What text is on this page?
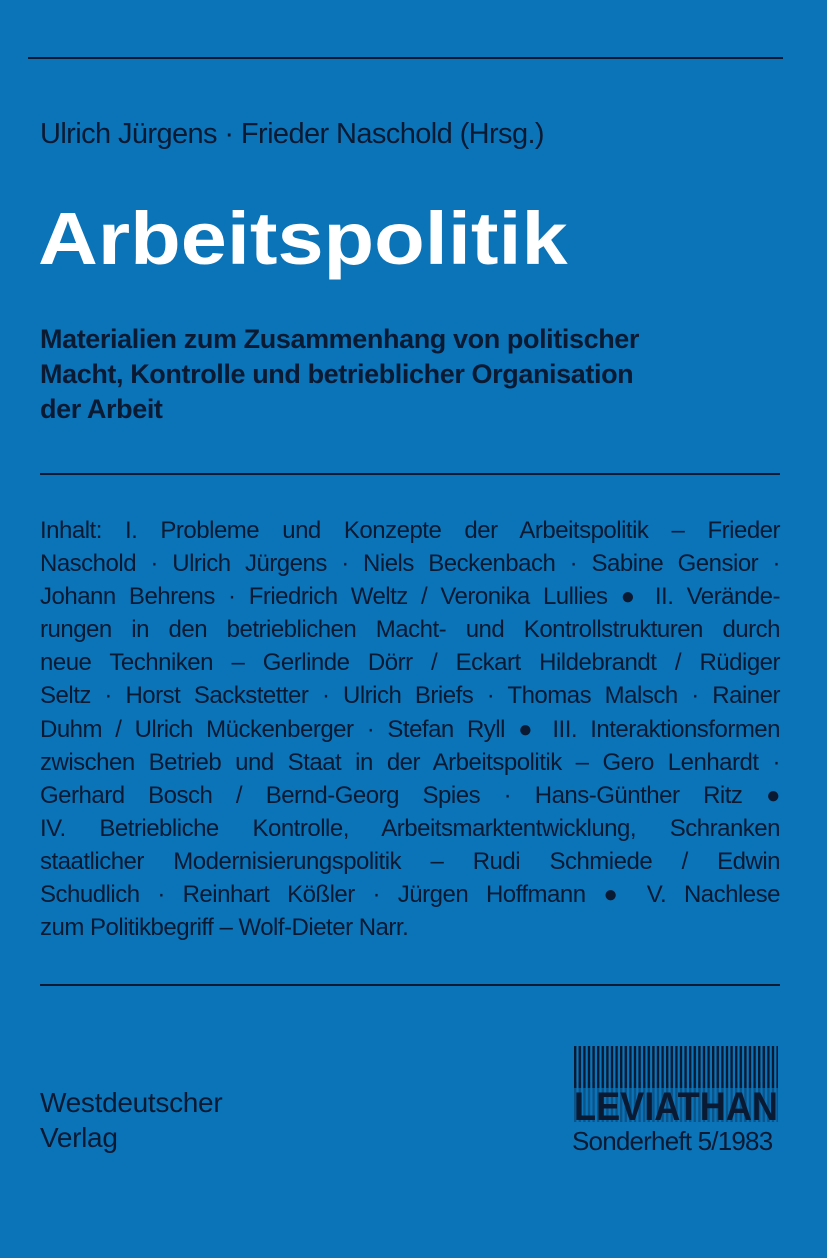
Ulrich Jürgens · Frieder Naschold (Hrsg.)
Arbeitspolitik
Materialien zum Zusammenhang von politischer
Macht, Kontrolle und betrieblicher Organisation
der Arbeit
Inhalt: I. Probleme und Konzepte der Arbeitspolitik – Frieder
Naschold · Ulrich Jürgens · Niels Beckenbach · Sabine Gensior ·
Johann Behrens · Friedrich Weltz / Veronika Lullies ● II. Verände-
rungen in den betrieblichen Macht- und Kontrollstrukturen durch
neue Techniken – Gerlinde Dörr / Eckart Hildebrandt / Rüdiger
Seltz · Horst Sackstetter · Ulrich Briefs · Thomas Malsch · Rainer
Duhm / Ulrich Mückenberger · Stefan Ryll ● III. Interaktionsformen
zwischen Betrieb und Staat in der Arbeitspolitik – Gero Lenhardt ·
Gerhard Bosch / Bernd-Georg Spies · Hans-Günther Ritz ●
IV. Betriebliche Kontrolle, Arbeitsmarktentwicklung, Schranken
staatlicher Modernisierungspolitik – Rudi Schmiede / Edwin
Schudlich · Reinhart Kößler · Jürgen Hoffmann ● V. Nachlese
zum Politikbegriff – Wolf-Dieter Narr.
Westdeutscher
Verlag
LEVIATHAN
Sonderheft 5/1983
